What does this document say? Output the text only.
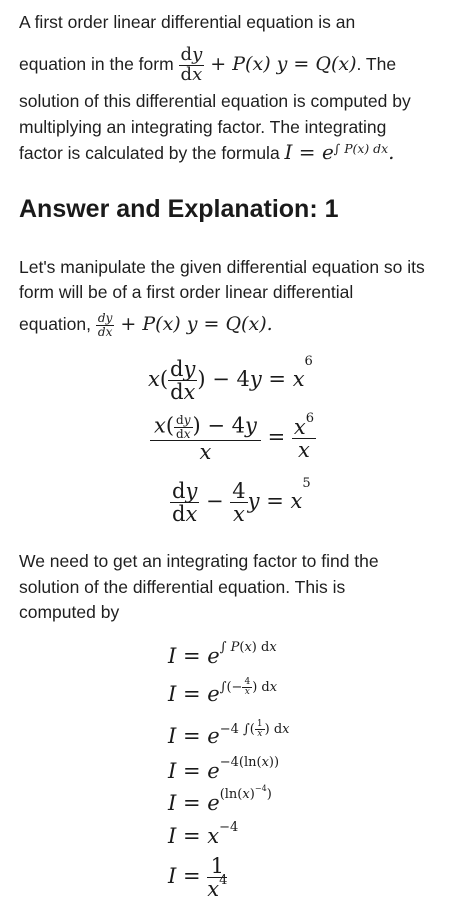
A first order linear differential equation is an
equation in the form $\frac{dy}{dx} + P(x) y = Q(x)$. The
solution of this differential equation is computed by
multiplying an integrating factor. The integrating
factor is calculated by the formula $I = e^{\int P(x) dx}$.
Answer and Explanation: 1
Let's manipulate the given differential equation so its
form will be of a first order linear differential
equation, $\frac{dy}{dx} + P(x) y = Q(x)$.
$x( \frac{dy}{dx}$ ) − $4y = x^6$
$\frac{x( \frac{dy}{dx} ) - 4y}{x} = \frac{x^6}{x}$
$\frac{dy}{dx} - \frac{4}{x}$ $y = x^5$
We need to get an integrating factor to find the
solution of the differential equation. This is
computed by
$I = e^{\int P(x) dx}$
$I = e^{\int(- \frac{4}{x} ) dx}$
$I = e^{-4 \int( \frac{1}{x} ) dx}$
$I = e^{-4(ln(x))}$
$I = e^{(ln(x)^{-4})}$
$I = x^{-4}$
$I = \frac{1}{x^4}$
